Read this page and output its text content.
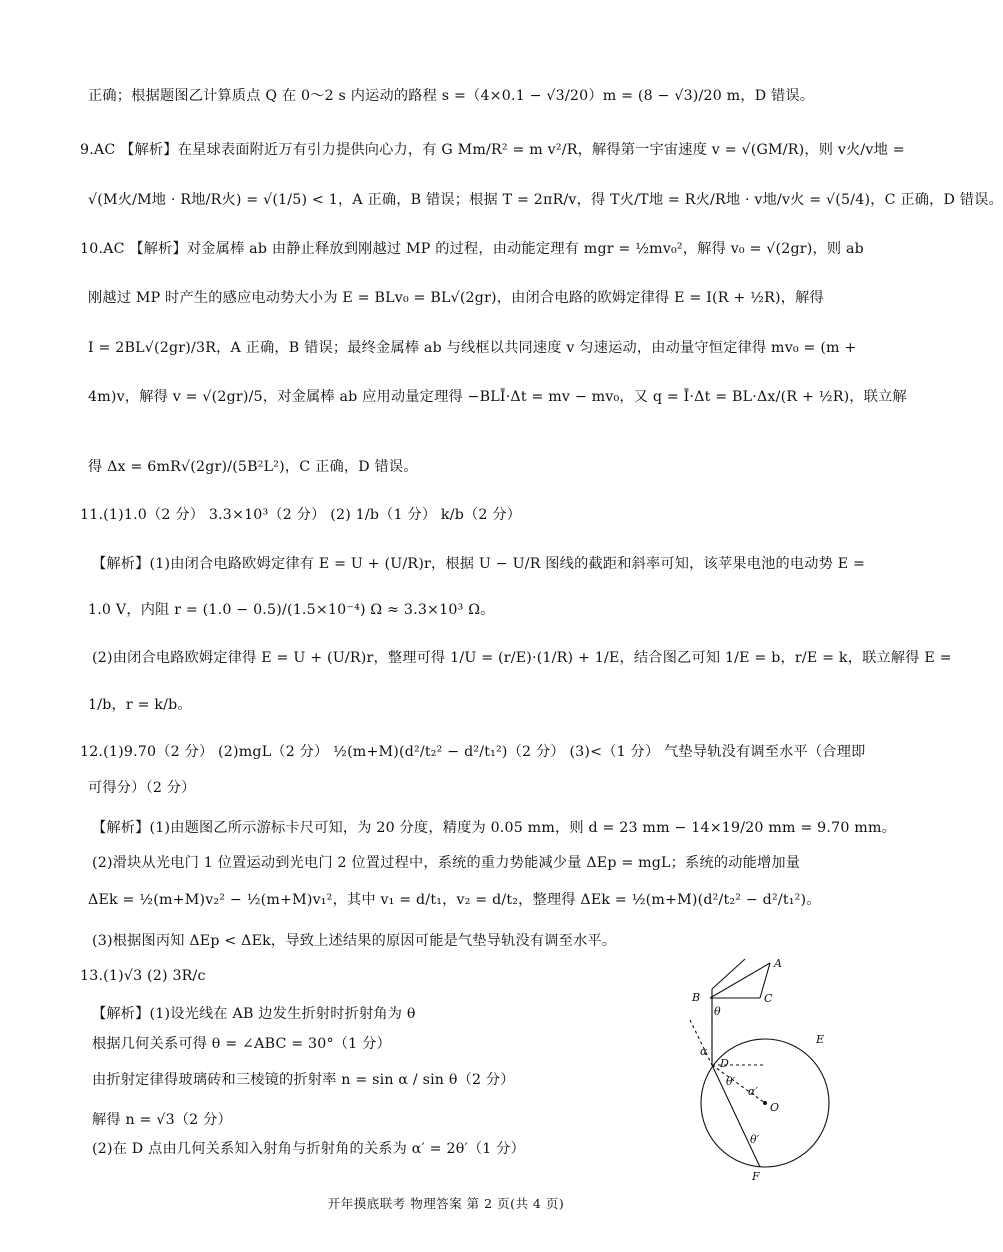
正确；根据题图乙计算质点 Q 在 0～2 s 内运动的路程 s =（4×0.1 − √3/20）m = (8 − √3)/20 m，D 错误。
9.AC 【解析】在星球表面附近万有引力提供向心力，有 G Mm/R² = m v²/R，解得第一宇宙速度 v = √(GM/R)，则 v火/v地 =
√(M火/M地 · R地/R火) = √(1/5) < 1，A 正确，B 错误；根据 T = 2πR/v，得 T火/T地 = R火/R地 · v地/v火 = √(5/4)，C 正确，D 错误。
10.AC 【解析】对金属棒 ab 由静止释放到刚越过 MP 的过程，由动能定理有 mgr = ½mv₀²，解得 v₀ = √(2gr)，则 ab
刚越过 MP 时产生的感应电动势大小为 E = BLv₀ = BL√(2gr)，由闭合电路的欧姆定律得 E = I(R + ½R)，解得
I = 2BL√(2gr)/3R，A 正确，B 错误；最终金属棒 ab 与线框以共同速度 v 匀速运动，由动量守恒定律得 mv₀ = (m +
4m)v，解得 v = √(2gr)/5，对金属棒 ab 应用动量定理得 −BLĪ·Δt = mv − mv₀，又 q = Ī·Δt = BL·Δx/(R + ½R)，联立解
得 Δx = 6mR√(2gr)/(5B²L²)，C 正确，D 错误。
11.(1)1.0（2 分） 3.3×10³（2 分） (2) 1/b（1 分） k/b（2 分）
【解析】(1)由闭合电路欧姆定律有 E = U + (U/R)r，根据 U − U/R 图线的截距和斜率可知，该苹果电池的电动势 E =
1.0 V，内阻 r = (1.0 − 0.5)/(1.5×10⁻⁴) Ω ≈ 3.3×10³ Ω。
(2)由闭合电路欧姆定律得 E = U + (U/R)r，整理可得 1/U = (r/E)·(1/R) + 1/E，结合图乙可知 1/E = b，r/E = k，联立解得 E =
1/b，r = k/b。
12.(1)9.70（2 分） (2)mgL（2 分） ½(m+M)(d²/t₂² − d²/t₁²)（2 分） (3)<（1 分） 气垫导轨没有调至水平（合理即
可得分）（2 分）
【解析】(1)由题图乙所示游标卡尺可知，为 20 分度，精度为 0.05 mm，则 d = 23 mm − 14×19/20 mm = 9.70 mm。
(2)滑块从光电门 1 位置运动到光电门 2 位置过程中，系统的重力势能减少量 ΔEp = mgL；系统的动能增加量
ΔEk = ½(m+M)v₂² − ½(m+M)v₁²，其中 v₁ = d/t₁，v₂ = d/t₂，整理得 ΔEk = ½(m+M)(d²/t₂² − d²/t₁²)。
(3)根据图丙知 ΔEp < ΔEk，导致上述结果的原因可能是气垫导轨没有调至水平。
13.(1)√3 (2) 3R/c
【解析】(1)设光线在 AB 边发生折射时折射角为 θ
根据几何关系可得 θ = ∠ABC = 30°（1 分）
由折射定律得玻璃砖和三棱镜的折射率 n = sin α / sin θ（2 分）
解得 n = √3（2 分）
(2)在 D 点由几何关系知入射角与折射角的关系为 α′ = 2θ′（1 分）
A
B	C
E
D
O
F
α
θ
α′
θ′
θ′
开年摸底联考 物理答案 第 2 页(共 4 页)
